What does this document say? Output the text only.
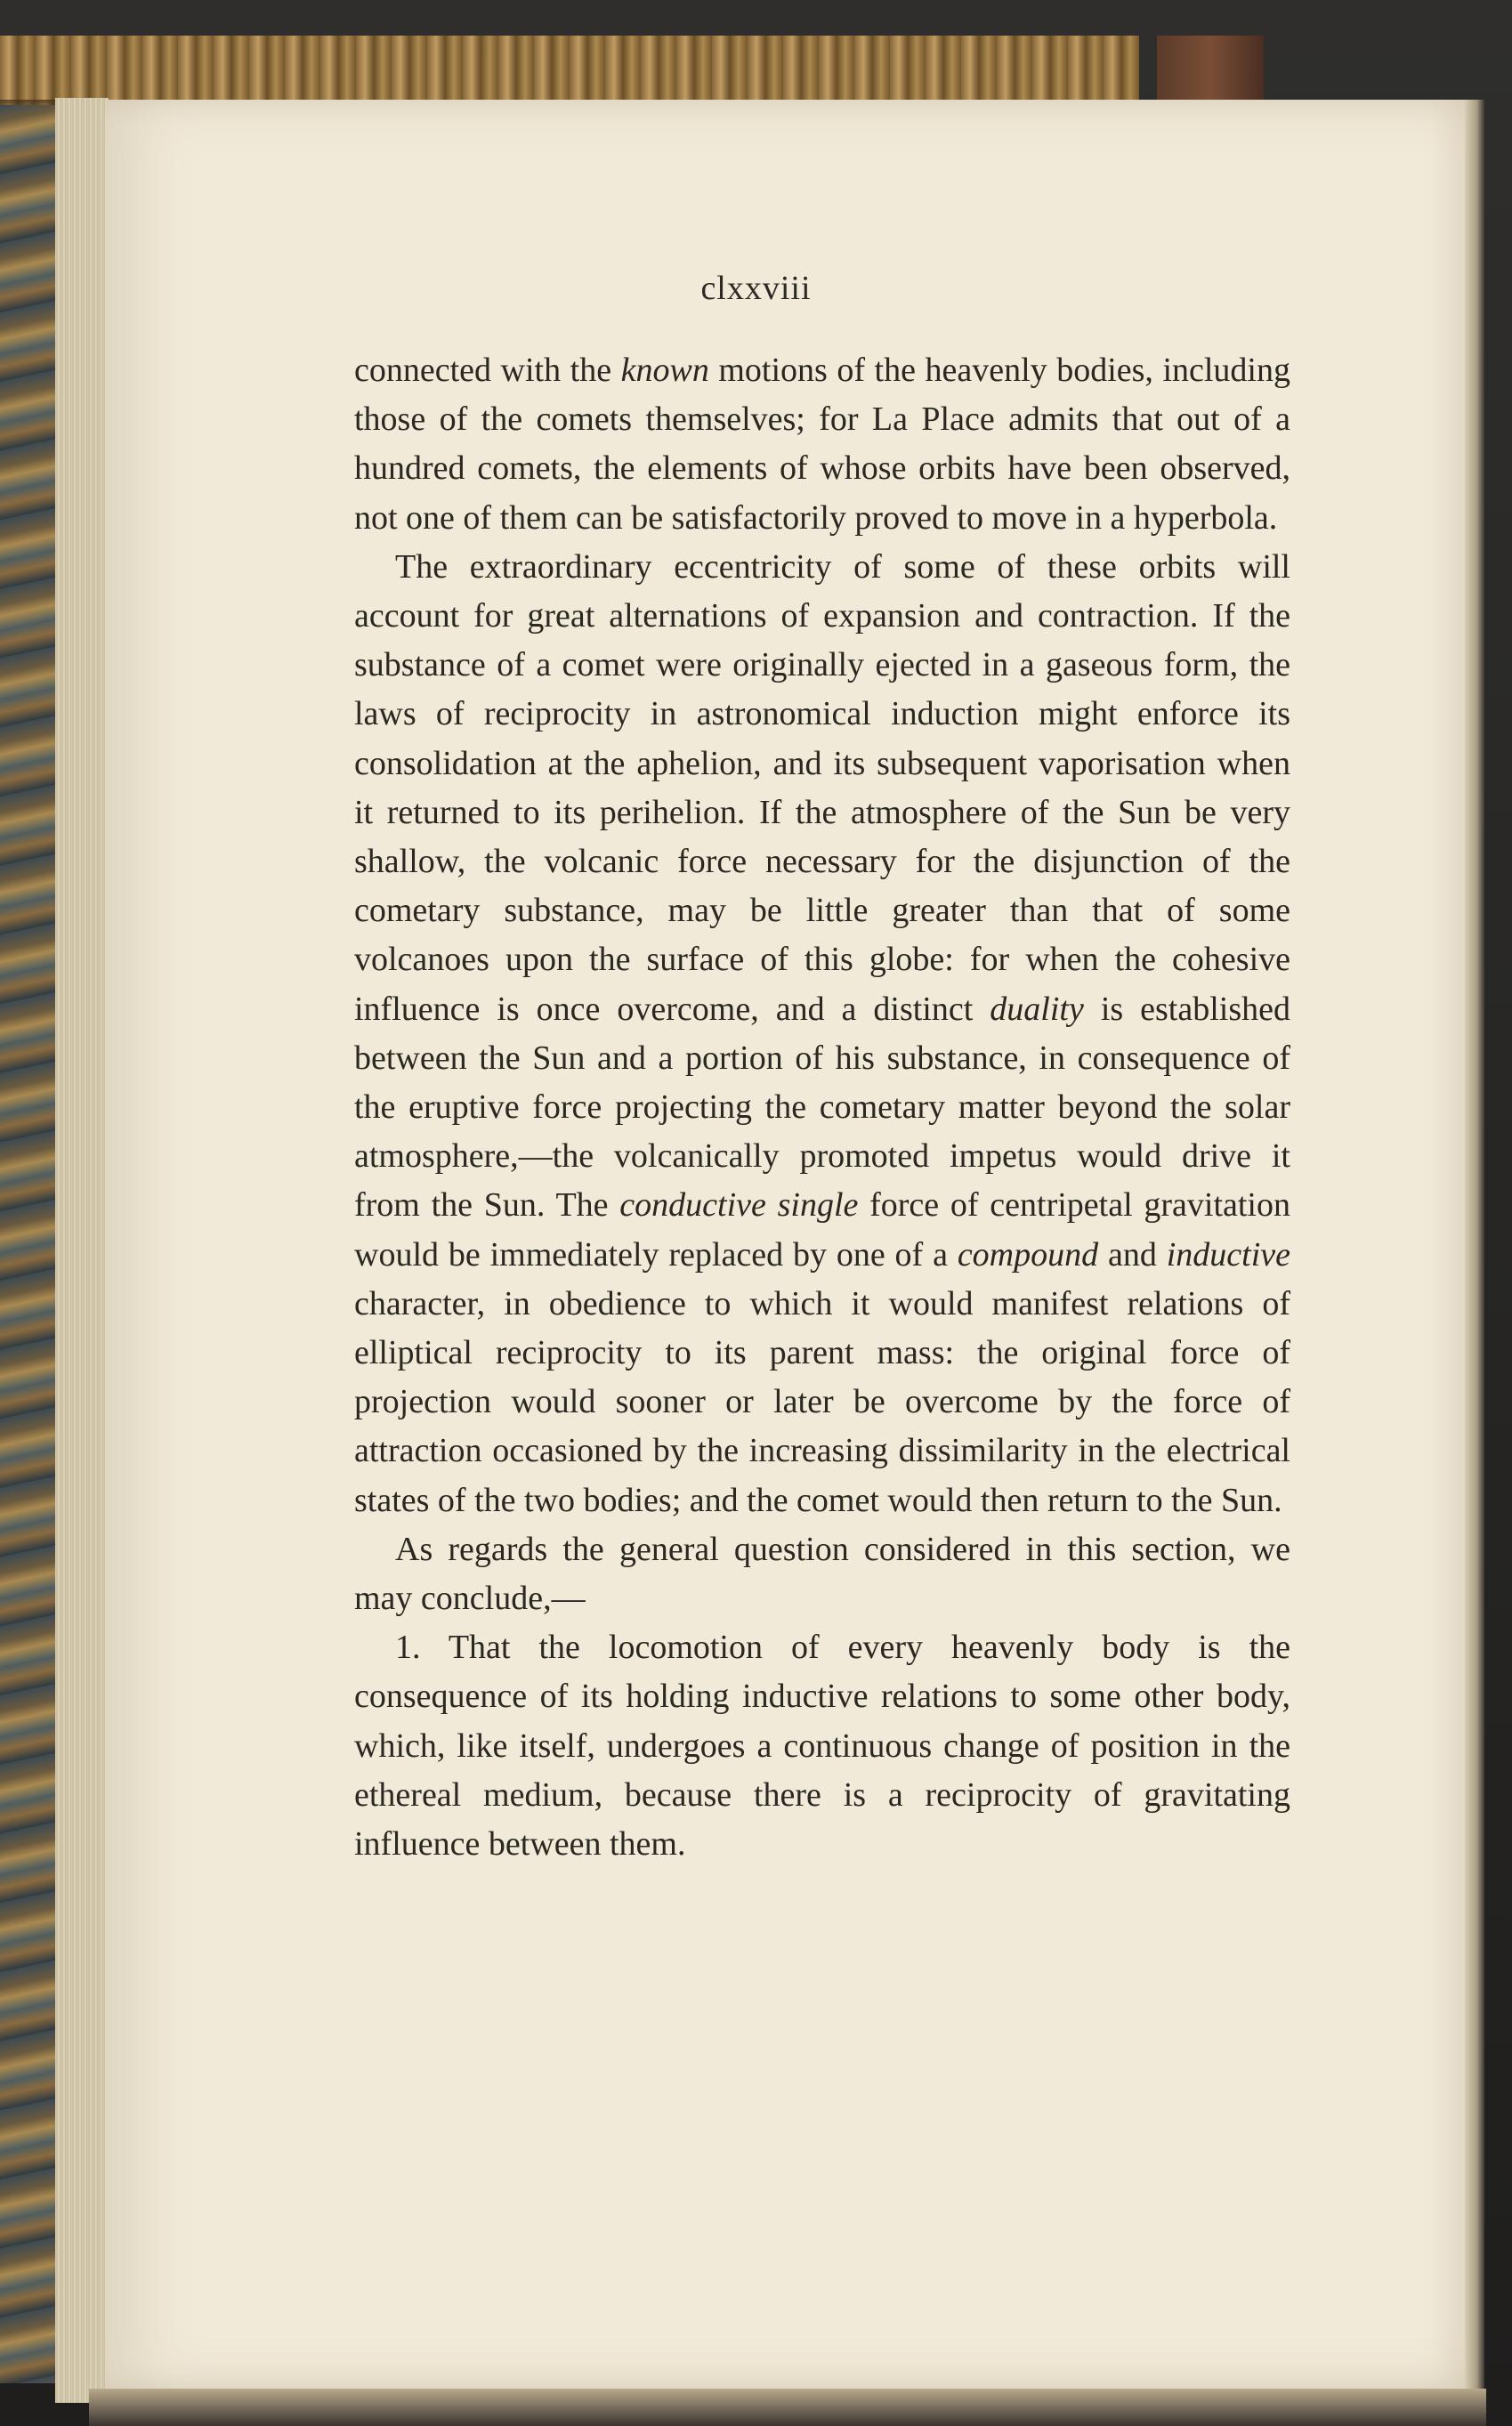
clxxviii

connected with the known motions of the heavenly bodies, including those of the comets themselves; for La Place admits that out of a hundred comets, the elements of whose orbits have been observed, not one of them can be satisfactorily proved to move in a hyperbola.

The extraordinary eccentricity of some of these orbits will account for great alternations of expansion and contraction. If the substance of a comet were originally ejected in a gaseous form, the laws of reciprocity in astronomical induction might enforce its consolidation at the aphelion, and its subsequent vaporisation when it returned to its perihelion. If the atmosphere of the Sun be very shallow, the volcanic force necessary for the disjunction of the cometary substance, may be little greater than that of some volcanoes upon the surface of this globe: for when the cohesive influence is once overcome, and a distinct duality is established between the Sun and a portion of his substance, in consequence of the eruptive force projecting the cometary matter beyond the solar atmosphere,—the volcanically promoted impetus would drive it from the Sun. The conductive single force of centripetal gravitation would be immediately replaced by one of a compound and inductive character, in obedience to which it would manifest relations of elliptical reciprocity to its parent mass: the original force of projection would sooner or later be overcome by the force of attraction occasioned by the increasing dissimilarity in the electrical states of the two bodies; and the comet would then return to the Sun.

As regards the general question considered in this section, we may conclude,—

1. That the locomotion of every heavenly body is the consequence of its holding inductive relations to some other body, which, like itself, undergoes a continuous change of position in the ethereal medium, because there is a reciprocity of gravitating influence between them.
